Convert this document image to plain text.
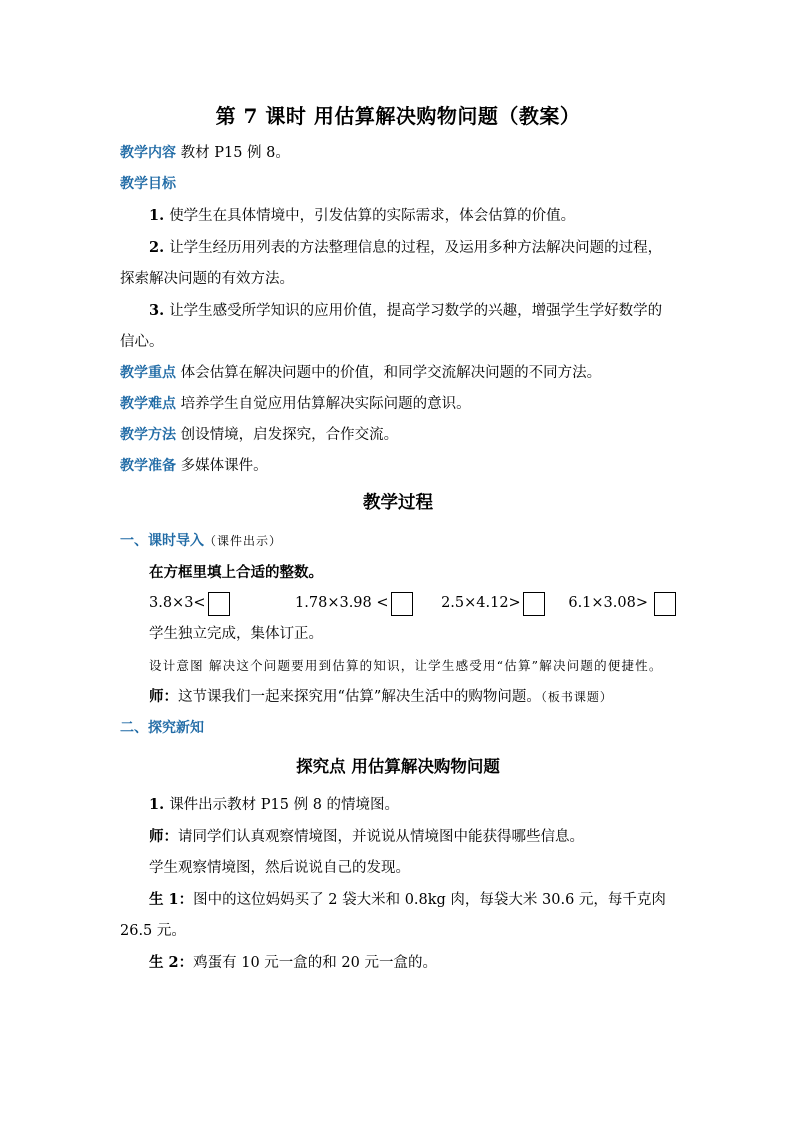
第 7 课时 用估算解决购物问题（教案）

教学内容 教材 P15 例 8。

教学目标

1. 使学生在具体情境中，引发估算的实际需求，体会估算的价值。

2. 让学生经历用列表的方法整理信息的过程，及运用多种方法解决问题的过程，探索解决问题的有效方法。

3. 让学生感受所学知识的应用价值，提高学习数学的兴趣，增强学生学好数学的信心。

教学重点 体会估算在解决问题中的价值，和同学交流解决问题的不同方法。

教学难点 培养学生自觉应用估算解决实际问题的意识。

教学方法 创设情境，启发探究，合作交流。

教学准备 多媒体课件。

教学过程

一、课时导入（课件出示）

在方框里填上合适的整数。

3.8×3<	1.78×3.98 <	2.5×4.12>	6.1×3.08>

学生独立完成，集体订正。

设计意图 解决这个问题要用到估算的知识，让学生感受用“估算”解决问题的便捷性。

师：这节课我们一起来探究用“估算”解决生活中的购物问题。（板书课题）

二、探究新知

探究点 用估算解决购物问题

1. 课件出示教材 P15 例 8 的情境图。

师：请同学们认真观察情境图，并说说从情境图中能获得哪些信息。

学生观察情境图，然后说说自己的发现。

生 1：图中的这位妈妈买了 2 袋大米和 0.8kg 肉，每袋大米 30.6 元，每千克肉 26.5 元。

生 2：鸡蛋有 10 元一盒的和 20 元一盒的。
